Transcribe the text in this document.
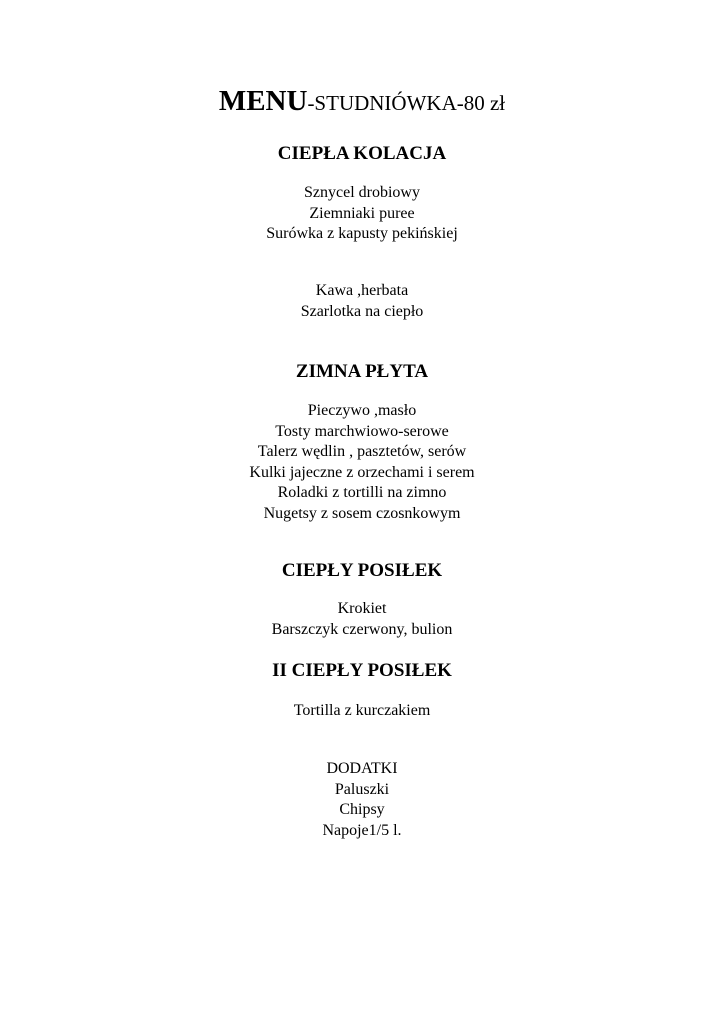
MENU-STUDNIÓWKA-80 zł
CIEPŁA KOLACJA
Sznycel drobiowy
Ziemniaki puree
Surówka z kapusty pekińskiej
Kawa ,herbata
Szarlotka na ciepło
ZIMNA PŁYTA
Pieczywo ,masło
Tosty marchwiowo-serowe
Talerz wędlin , pasztetów, serów
Kulki jajeczne z orzechami i serem
Roladki z tortilli na zimno
Nugetsy z sosem czosnkowym
CIEPŁY POSIŁEK
Krokiet
Barszczyk czerwony, bulion
II CIEPŁY POSIŁEK
Tortilla z kurczakiem
DODATKI
Paluszki
Chipsy
Napoje1/5 l.
